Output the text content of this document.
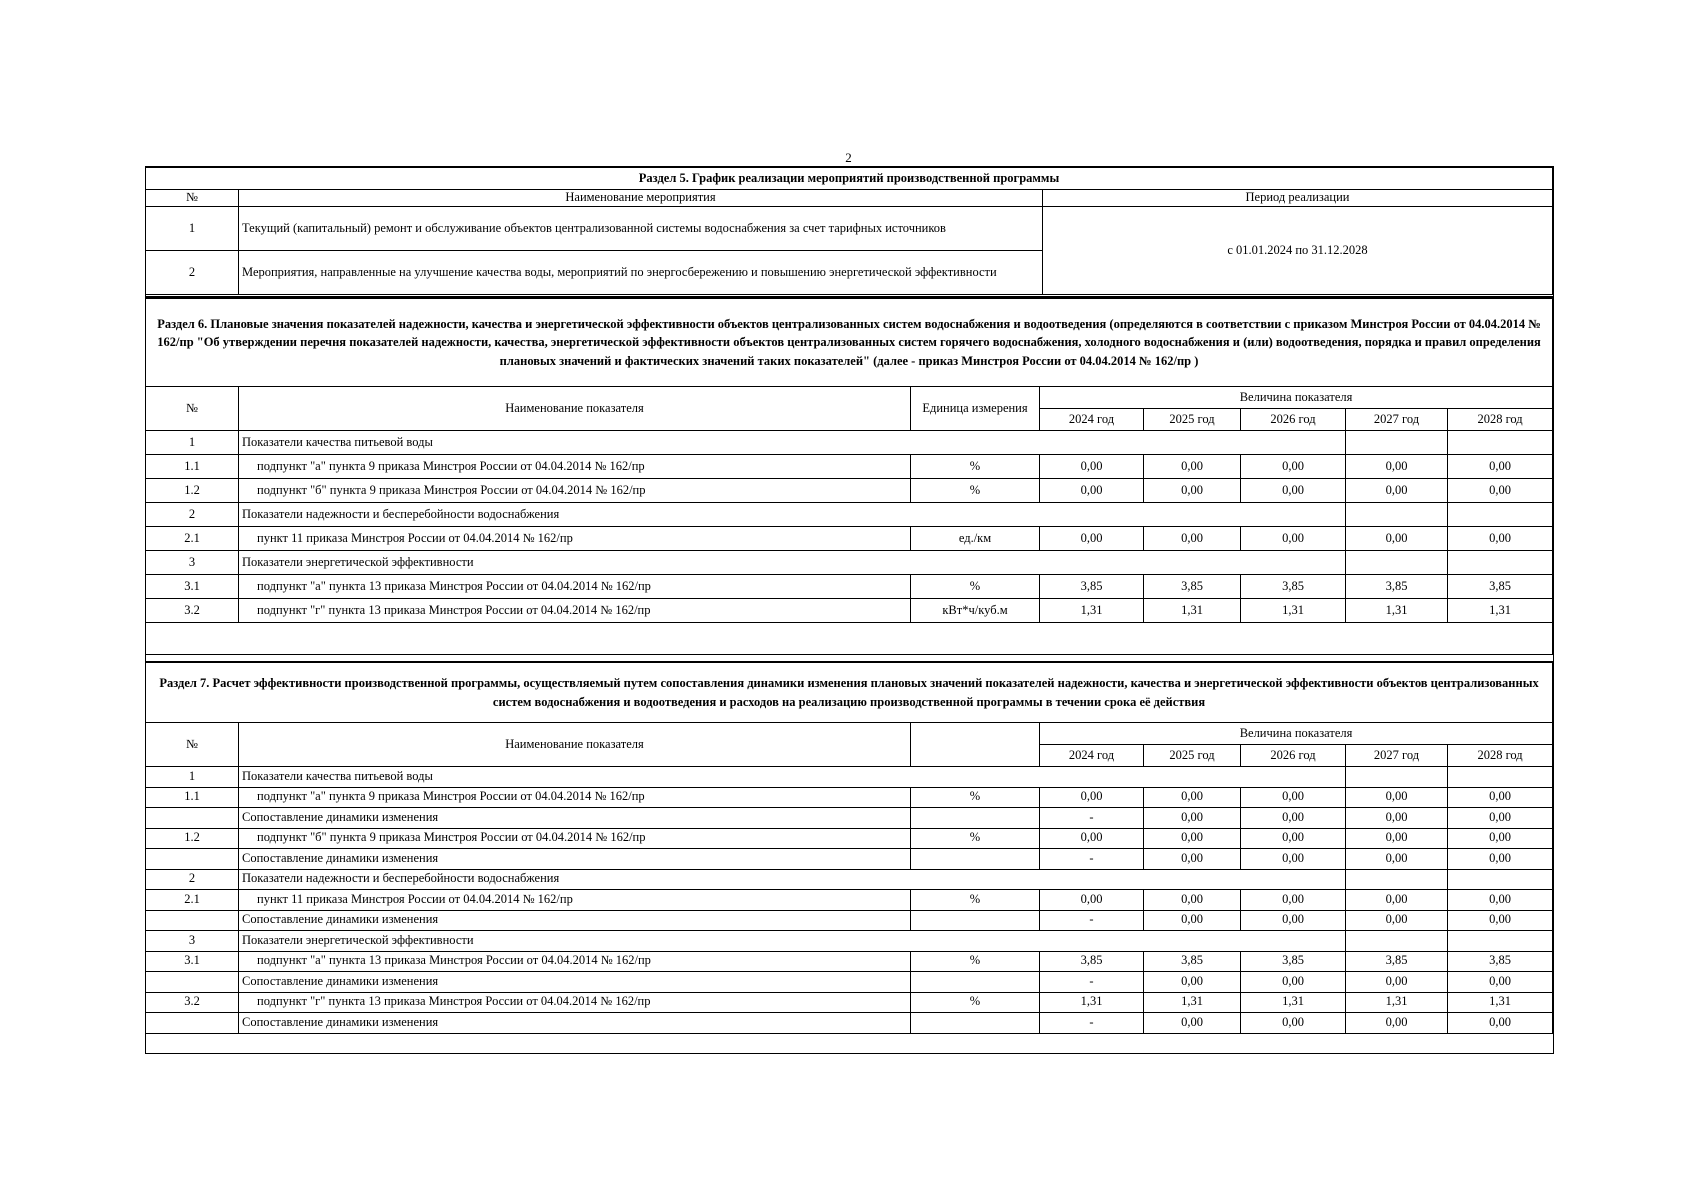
2
Раздел 5. График реализации мероприятий производственной программы		
№	Наименование мероприятия	Период реализации
1	Текущий (капитальный) ремонт и обслуживание объектов централизованной системы водоснабжения за счет тарифных источников	с 01.01.2024 по 31.12.2028
2	Мероприятия, направленные на улучшение качества воды, мероприятий по энергосбережению и повышению энергетической эффективности	
Раздел 6. Плановые значения показателей надежности, качества и энергетической эффективности объектов централизованных систем водоснабжения и водоотведения (определяются в соответствии с приказом Минстроя России от 04.04.2014 № 162/пр "Об утверждении перечня показателей надежности, качества, энергетической эффективности объектов централизованных систем горячего водоснабжения, холодного водоснабжения и (или) водоотведения, порядка и правил определения плановых значений и фактических значений таких показателей" (далее - приказ Минстроя России от 04.04.2014 № 162/пр )							
№	Наименование показателя	Единица измерения	Величина показателя				
			2024 год	2025 год	2026 год	2027 год	2028 год
1	Показатели качества питьевой воды						
1.1	подпункт "а" пункта 9 приказа Минстроя России от 04.04.2014 № 162/пр	%	0,00	0,00	0,00	0,00	0,00
1.2	подпункт "б" пункта 9 приказа Минстроя России от 04.04.2014 № 162/пр	%	0,00	0,00	0,00	0,00	0,00
2	Показатели надежности и бесперебойности водоснабжения						
2.1	пункт 11 приказа Минстроя России от 04.04.2014 № 162/пр	ед./км	0,00	0,00	0,00	0,00	0,00
3	Показатели энергетической эффективности						
3.1	подпункт "а" пункта 13 приказа Минстроя России от 04.04.2014 № 162/пр	%	3,85	3,85	3,85	3,85	3,85
3.2	подпункт "г" пункта 13 приказа Минстроя России от 04.04.2014 № 162/пр	кВт*ч/куб.м	1,31	1,31	1,31	1,31	1,31

Раздел 7. Расчет эффективности производственной программы, осуществляемый путем сопоставления динамики изменения плановых значений показателей надежности, качества и энергетической эффективности объектов централизованных систем водоснабжения и водоотведения и расходов на реализацию производственной программы в течении срока её действия							
№	Наименование показателя		Величина показателя				
			2024 год	2025 год	2026 год	2027 год	2028 год
1	Показатели качества питьевой воды						
1.1	подпункт "а" пункта 9 приказа Минстроя России от 04.04.2014 № 162/пр	%	0,00	0,00	0,00	0,00	0,00
	Сопоставление динамики изменения		-	0,00	0,00	0,00	0,00
1.2	подпункт "б" пункта 9 приказа Минстроя России от 04.04.2014 № 162/пр	%	0,00	0,00	0,00	0,00	0,00
	Сопоставление динамики изменения		-	0,00	0,00	0,00	0,00
2	Показатели надежности и бесперебойности водоснабжения						
2.1	пункт 11 приказа Минстроя России от 04.04.2014 № 162/пр	%	0,00	0,00	0,00	0,00	0,00
	Сопоставление динамики изменения		-	0,00	0,00	0,00	0,00
3	Показатели энергетической эффективности						
3.1	подпункт "а" пункта 13 приказа Минстроя России от 04.04.2014 № 162/пр	%	3,85	3,85	3,85	3,85	3,85
	Сопоставление динамики изменения		-	0,00	0,00	0,00	0,00
3.2	подпункт "г" пункта 13 приказа Минстроя России от 04.04.2014 № 162/пр	%	1,31	1,31	1,31	1,31	1,31
	Сопоставление динамики изменения		-	0,00	0,00	0,00	0,00
